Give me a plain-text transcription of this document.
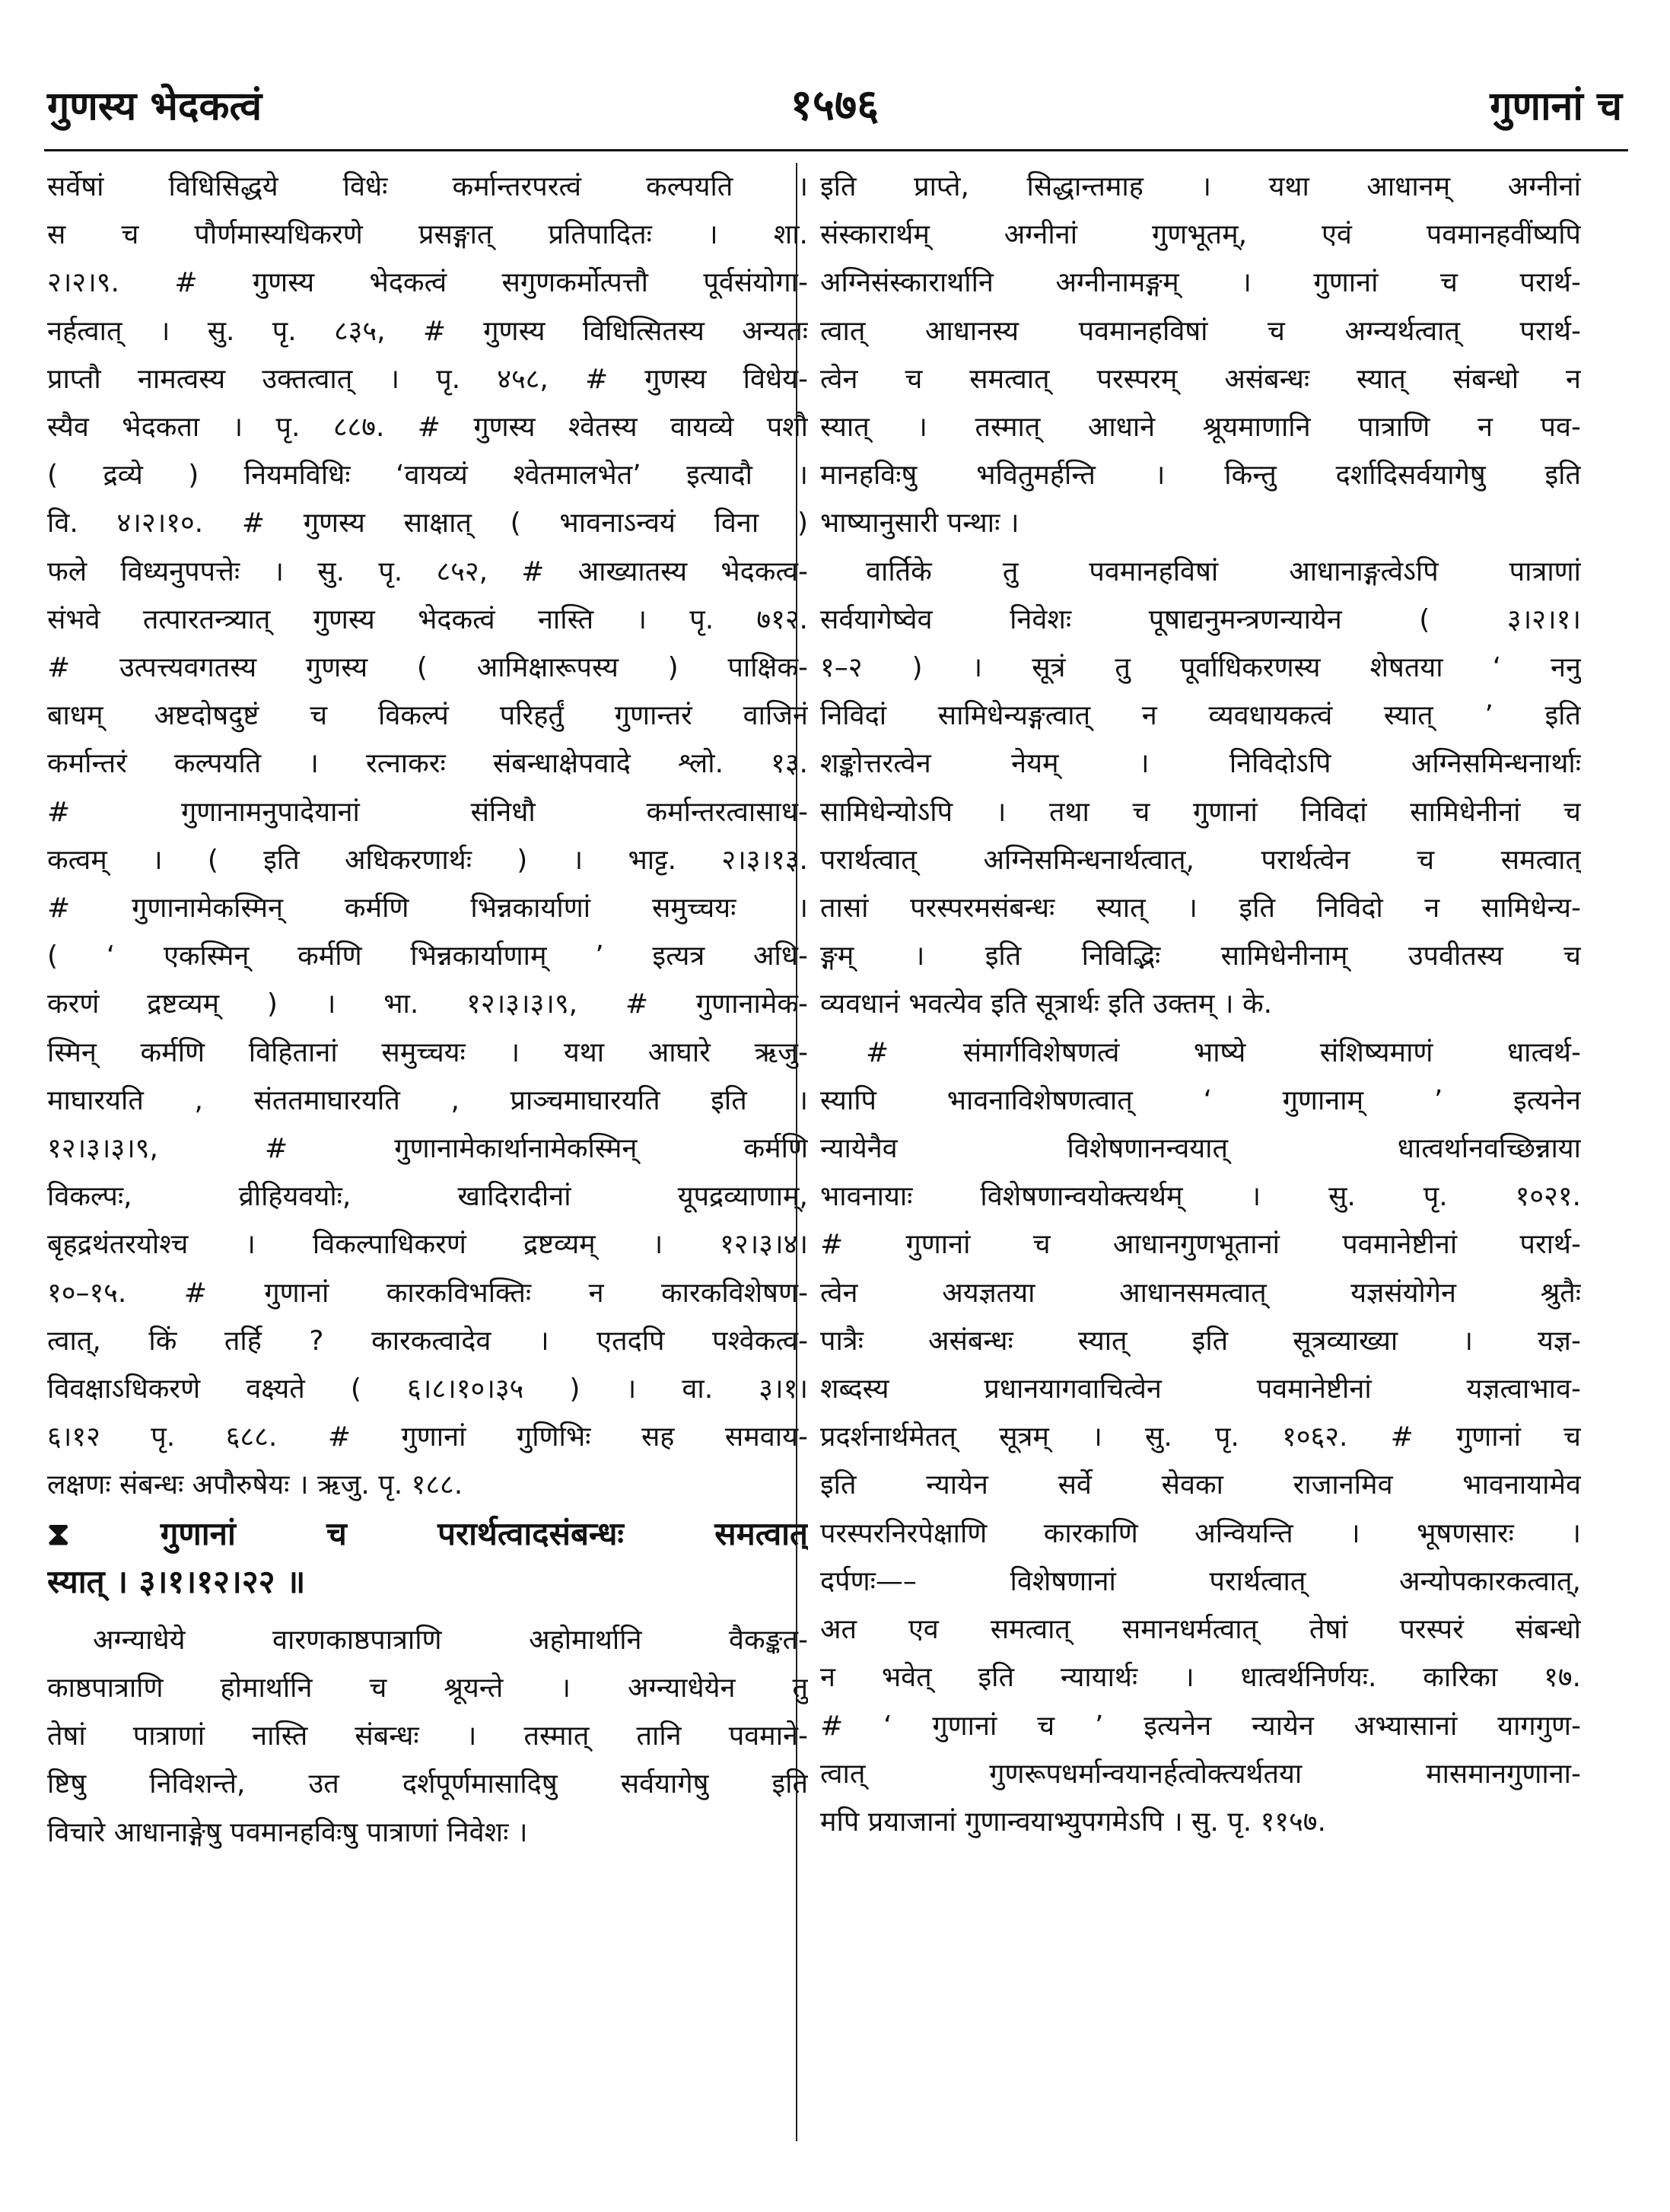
गुणस्य भेदकत्वं	१५७६	गुणानां च
सर्वेषां विधिसिद्धये विधेः कर्मान्तरपरत्वं कल्पयति ।
स च पौर्णमास्यधिकरणे प्रसङ्गात् प्रतिपादितः । शा.
२।२।९. # गुणस्य भेदकत्वं सगुणकर्मोत्पत्तौ पूर्वसंयोगा-
नर्हत्वात् । सु. पृ. ८३५, # गुणस्य विधित्सितस्य अन्यतः
प्राप्तौ नामत्वस्य उक्तत्वात् । पृ. ४५८, # गुणस्य विधेय-
स्यैव भेदकता । पृ. ८८७. # गुणस्य श्वेतस्य वायव्ये पशौ
( द्रव्ये ) नियमविधिः ‘वायव्यं श्वेतमालभेत’ इत्यादौ ।
वि. ४।२।१०. # गुणस्य साक्षात् ( भावनाऽन्वयं विना )
फले विध्यनुपपत्तेः । सु. पृ. ८५२, # आख्यातस्य भेदकत्व-
संभवे तत्पारतन्त्र्यात् गुणस्य भेदकत्वं नास्ति । पृ. ७१२.
# उत्पत्त्यवगतस्य गुणस्य ( आमिक्षारूपस्य ) पाक्षिक-
बाधम् अष्टदोषदुष्टं च विकल्पं परिहर्तुं गुणान्तरं वाजिनं
कर्मान्तरं कल्पयति । रत्नाकरः संबन्धाक्षेपवादे श्लो. १३.
# गुणानामनुपादेयानां संनिधौ कर्मान्तरत्वासाध-
कत्वम् । ( इति अधिकरणार्थः ) । भाट्ट. २।३।१३.
# गुणानामेकस्मिन् कर्मणि भिन्नकार्याणां समुच्चयः ।
( ‘ एकस्मिन् कर्मणि भिन्नकार्याणाम् ’ इत्यत्र अधि-
करणं द्रष्टव्यम् ) । भा. १२।३।३।९, # गुणानामेक-
स्मिन् कर्मणि विहितानां समुच्चयः । यथा आघारे ऋजु-
माघारयति , संततमाघारयति , प्राञ्चमाघारयति इति ।
१२।३।३।९, # गुणानामेकार्थानामेकस्मिन् कर्मणि
विकल्पः, व्रीहियवयोः, खादिरादीनां यूपद्रव्याणाम्,
बृहद्रथंतरयोश्च । विकल्पाधिकरणं द्रष्टव्यम् । १२।३।४।
१०–१५. # गुणानां कारकविभक्तिः न कारकविशेषण-
त्वात्, किं तर्हि ? कारकत्वादेव । एतदपि पश्वेकत्व-
विवक्षाऽधिकरणे वक्ष्यते ( ६।८।१०।३५ ) । वा. ३।१।
६।१२ पृ. ६८८. # गुणानां गुणिभिः सह समवाय-
लक्षणः संबन्धः अपौरुषेयः । ऋजु. पृ. १८८.
⧗ गुणानां च परार्थत्वादसंबन्धः समत्वात्
स्यात् । ३।१।१२।२२ ॥
अग्न्याधेये वारणकाष्ठपात्राणि अहोमार्थानि वैकङ्कत-
काष्ठपात्राणि होमार्थानि च श्रूयन्ते । अग्न्याधेयेन तु
तेषां पात्राणां नास्ति संबन्धः । तस्मात् तानि पवमाने-
ष्टिषु निविशन्ते, उत दर्शपूर्णमासादिषु सर्वयागेषु इति
विचारे आधानाङ्गेषु पवमानहविःषु पात्राणां निवेशः ।
इति प्राप्ते, सिद्धान्तमाह । यथा आधानम् अग्नीनां
संस्कारार्थम् अग्नीनां गुणभूतम्, एवं पवमानहवींष्यपि
अग्निसंस्कारार्थानि अग्नीनामङ्गम् । गुणानां च परार्थ-
त्वात् आधानस्य पवमानहविषां च अग्न्यर्थत्वात् परार्थ-
त्वेन च समत्वात् परस्परम् असंबन्धः स्यात् संबन्धो न
स्यात् । तस्मात् आधाने श्रूयमाणानि पात्राणि न पव-
मानहविःषु भवितुमर्हन्ति । किन्तु दर्शादिसर्वयागेषु इति
भाष्यानुसारी पन्थाः ।
वार्तिके तु पवमानहविषां आधानाङ्गत्वेऽपि पात्राणां
सर्वयागेष्वेव निवेशः पूषाद्यनुमन्त्रणन्यायेन ( ३।२।१।
१–२ ) । सूत्रं तु पूर्वाधिकरणस्य शेषतया ‘ ननु
निविदां सामिधेन्यङ्गत्वात् न व्यवधायकत्वं स्यात् ’ इति
शङ्कोत्तरत्वेन नेयम् । निविदोऽपि अग्निसमिन्धनार्थाः
सामिधेन्योऽपि । तथा च गुणानां निविदां सामिधेनीनां च
परार्थत्वात् अग्निसमिन्धनार्थत्वात्, परार्थत्वेन च समत्वात्
तासां परस्परमसंबन्धः स्यात् । इति निविदो न सामिधेन्य-
ङ्गम् । इति निविद्भिः सामिधेनीनाम् उपवीतस्य च
व्यवधानं भवत्येव इति सूत्रार्थः इति उक्तम् । के.
# संमार्गविशेषणत्वं भाष्ये संशिष्यमाणं धात्वर्थ-
स्यापि भावनाविशेषणत्वात् ‘ गुणानाम् ’ इत्यनेन
न्यायेनैव विशेषणानन्वयात् धात्वर्थानवच्छिन्नाया
भावनायाः विशेषणान्वयोक्त्यर्थम् । सु. पृ. १०२१.
# गुणानां च आधानगुणभूतानां पवमानेष्टीनां परार्थ-
त्वेन अयज्ञतया आधानसमत्वात् यज्ञसंयोगेन श्रुतैः
पात्रैः असंबन्धः स्यात् इति सूत्रव्याख्या । यज्ञ-
शब्दस्य प्रधानयागवाचित्वेन पवमानेष्टीनां यज्ञत्वाभाव-
प्रदर्शनार्थमेतत् सूत्रम् । सु. पृ. १०६२. # गुणानां च
इति न्यायेन सर्वे सेवका राजानमिव भावनायामेव
परस्परनिरपेक्षाणि कारकाणि अन्वियन्ति । भूषणसारः ।
दर्पणः—– विशेषणानां परार्थत्वात् अन्योपकारकत्वात्,
अत एव समत्वात् समानधर्मत्वात् तेषां परस्परं संबन्धो
न भवेत् इति न्यायार्थः । धात्वर्थनिर्णयः. कारिका १७.
# ‘ गुणानां च ’ इत्यनेन न्यायेन अभ्यासानां यागगुण-
त्वात् गुणरूपधर्मान्वयानर्हत्वोक्त्यर्थतया मासमानगुणाना-
मपि प्रयाजानां गुणान्वयाभ्युपगमेऽपि । सु. पृ. ११५७.
